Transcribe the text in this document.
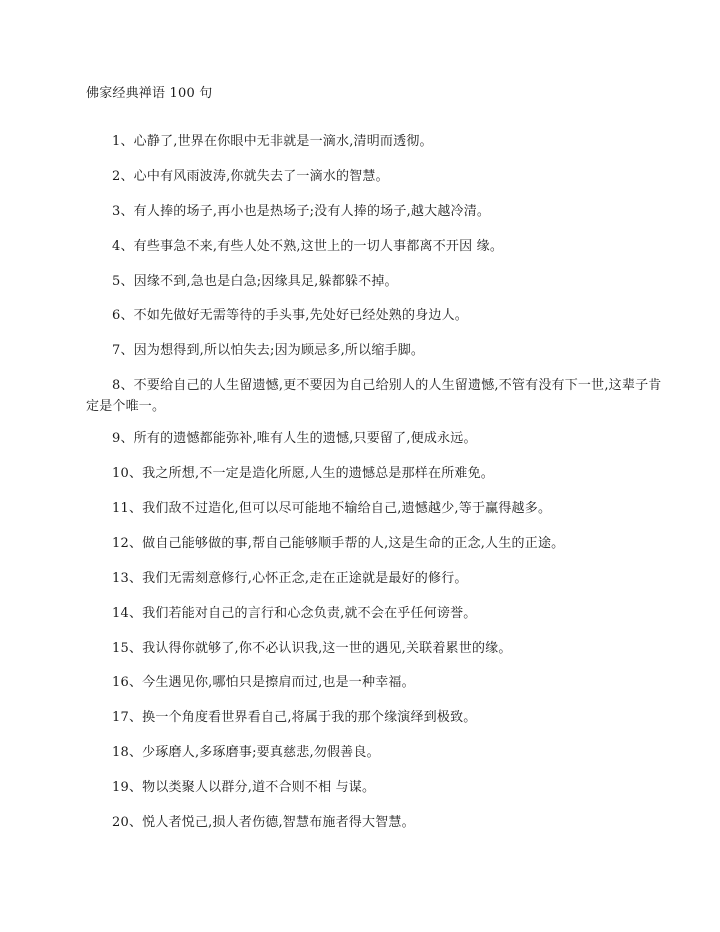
佛家经典禅语 100 句

1、心静了,世界在你眼中无非就是一滴水,清明而透彻。

2、心中有风雨波涛,你就失去了一滴水的智慧。

3、有人捧的场子,再小也是热场子;没有人捧的场子,越大越冷清。

4、有些事急不来,有些人处不熟,这世上的一切人事都离不开因 缘。

5、因缘不到,急也是白急;因缘具足,躲都躲不掉。

6、不如先做好无需等待的手头事,先处好已经处熟的身边人。

7、因为想得到,所以怕失去;因为顾忌多,所以缩手脚。

8、不要给自己的人生留遗憾,更不要因为自己给别人的人生留遗憾,不管有没有下一世,这辈子肯定是个唯一。

9、所有的遗憾都能弥补,唯有人生的遗憾,只要留了,便成永远。

10、我之所想,不一定是造化所愿,人生的遗憾总是那样在所难免。

11、我们敌不过造化,但可以尽可能地不输给自己,遗憾越少,等于赢得越多。

12、做自己能够做的事,帮自己能够顺手帮的人,这是生命的正念,人生的正途。

13、我们无需刻意修行,心怀正念,走在正途就是最好的修行。

14、我们若能对自己的言行和心念负责,就不会在乎任何谤誉。

15、我认得你就够了,你不必认识我,这一世的遇见,关联着累世的缘。

16、今生遇见你,哪怕只是擦肩而过,也是一种幸福。

17、换一个角度看世界看自己,将属于我的那个缘演绎到极致。

18、少琢磨人,多琢磨事;要真慈悲,勿假善良。

19、物以类聚人以群分,道不合则不相 与谋。

20、悦人者悦己,损人者伤德,智慧布施者得大智慧。
